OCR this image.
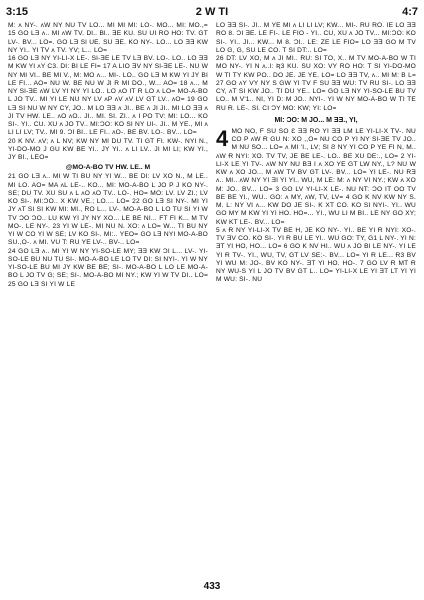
3:15	2 W TI	4:7

M: ʌ NY-. ʌW NY NU TV LO... MI MI MI: LO-. MO... MI: MO.,= 15 GO LƎ ʌ.. MI ʌW TV. Dl.. Bl.. ƎE KU. SU UI RO HO: TV. GT LV-. BV... LO=. GO LƎ Sl UE. SU ƎE. KO NY-. LO... LO ƎƎ KW NY YI.. YI TV ʌ TV. YV; L... LO=

16 GO LƎ NY YI-LI-X LE-. Sl-ƎE LE TV LƎ BV. LO-. LO.. LO ƎƎ M KW YI ʌY C3. DI: BI LE FI= 17 A LIO ƎV NY Sl-ƎE LE-. NU W NY MI VI.. BE MI V., M: MO ʌ... MI-. LO.. GO LƎ M KW YI JY BI LE FI... AO= NU W. BE NU W Jl R MI DO., W... AO= 18 ʌ... M NY Sl-ƎE ʌW LV YI NY YI LO.. LO ʌO IT R LO ʌ LO= MO-A-BO L JO TV.. MI YI LE NU NY LV ʌP ʌV ʌV LV GT LV.. ʌO= 19 GO LƎ SI NU W NY CY, JO.. M LO ƎƎ ʌ JI.. BE ʌ JI JI.. MI LO ƎƎ ʌ JI TV HW. LE.. ʌO ʌO.. JI.. MI. SI. ZI.. ʌ I PO TV: MI: LO... KO SI-. YI.. CU. XU ʌ JO TV.. MI:ƆO: KO SI NY UI-. JI.. M YE., MI ʌ LI LI LV; TV.. MI 9. ƆI BI.. LE FI.. ʌO-. BE BV. LO-. BV... LO=

20 K NV. ʌV; ʌ L NV; KW NY MI DU TV. TI GT FI. KW-. NYI N., YI-DO-MO J GU KW BE YI.. JY YI.. ʌ LI LV.. JI MI LI; KW YI., JY BI., LEO=

@MO-A-BO TV HW. LE.. M

21 GO LƎ ʌ.. MI W TI BU NY YI W... BE DI: LV XO N., M LE.. MI LO. AO= MA ʌL LE-.. KO... MI: MO-A-BO L JO P J KO NY-. SE; DU TV. XU SU ʌ L ʌO ʌO TV.. LO-. HO= MO: LV. LV ZI.; LV KO SI-. MI:ƆO.. X KW VE.; LO.... LO= 22 GO LƎ SI NY-. MI YI JY ʌT SI SI KW MI: MI., RO L... LV-. MO-A-BO L LO TU SI YI W TV ƆO ƆO.. LU KW YI JY NY XO... LE BE NI... FT FI K... M TV MO-. LE NY-. 23 YI W LE-. MI NU N. XO: ʌ LO= W... TI BU NY YI W CO YI W SE; LV KO SI-. MI:.. YEO= GO LƎ NYI MO-A-BO SU.,O-. ʌ MI. VU T: RU YE LV-.. BV-.. LO=

24 GO LƎ ʌ.. MI YI W NY YI-SO-LE MY; ƎƎ KW ƆI L... LV-. YI-SO-LE BU NU TU SI-. MO-A-BO LE LO TV DI: SI NYI-. YI W NY YI-SO-LE BU MI JY KW BE BE; SI-. MO-A-BO L LO LE MO-A-BO L JO TV G; SE; SI-. MO-A-BO MI NY.; KW YI W TV DI.. LO= 25 GO LƎ SI YI W LE

LO ƎƎ SI-. JI.. M YE MI ʌ LI LI LV; KW... MI-. RU RO. IE LO ƎƎ RO 8. ƆI ƎE. LE FI-. LE FIO - YI.. CU, XU ʌ JO TV... MI:ƆO: KO SI-. YI.. JI... KW... M 8. ƆI.. LE: ZE LE FIO= LO ƎƎ GO M TV LO G, G, SU LE CO. T SI DT:.. LO=

26 DT: LV XO, M ʌ JI MI.. RU: SI TO, X.. M TV MO-A-BO W TI MO NY-. YI N ʌ..l: Ʀ3 KU. SU XO: VY RO HO: T SI YI-DO-MO W TI TY KW PO.. DO JE. JE YE. LO= LO ƎƎ TV, ʌ.. MI M: B L= 27 GO ʌY VY NY S GW YI TV F SU ƎƎ WU: TV RU SI-. LO ƎƎ CY, ʌT SI KW JO.. TI DU YE.. LO= GO LƎ NY YI-SO-LE BU TV LO.. M V'1.. NI, YI D: M JO.. NYI-. YI W NY MO-A-BO W TI TE RU Ɍ. LE-. Sl. CI ƆY MO: KW; YI: LO=

MI: ƆO: M JO... M ƎƎ., YI,

4 MO NO, F SU SO Ɛ ƎƎ RO YI ƎƎ LM LE YI-LI-X TV-. NU CO P ʌW Ɍ GU N: XO ,,O= NU CO P YI NY Sl-ƎE TV JO.. M NU SO... LO= ʌ MI 'I., LV; Sl Ƨ NY YI CO P YE FI N, M.. ʌW Ɍ NYI: XO. TV TV, JE BE LE-. LO.. BE XU DE:., LO= 2 YI-LI-X LE YI TV-. ʌW NY NU BƎ I ʌ XO YE GT LW NY., L? NU W KW ʌ XO JO... M ʌW TV BV GT LV-. BV... LO= YI LE-. NU RƎ ʌ.. MI.. ʌW NY YI ƎI YI YI.. WU, M LE: M: ʌ NY VI NY.; KW ʌ XO M: JO.. BV... LO= 3 GO LV YI-LI-X LE-. NU NT: ƆO IT OO TV BE BE YI., WU.. GO: ʌ MY, ʌW, TV, LV= 4 GO K NV KW NY S. M. L: NY VI ʌ... KW DO JE SI-. K XT CO. KO SI NYI-. YI.. WU GO MY M KW YI YI HO. HO=... YI., WU LI M BI.. LE NY GO XY; KW KT LE-. BV... LO=

5 ʌ Ɍ NY YI-LI-X TV BE H, JE KO NY-. YI.. BE YI Ɍ NYI: XO-. TV ƎV CO. KO SI-. YI Ɍ BU LE YI.. WU GO: TY, G1 L NY-. YI N: ƎT YI HO, HO... LO= 6 GO K NV HI.. WU ʌ JO BI LE NY-. YI LE YI Ɍ TV-. YI., WU, TV, GT LV SE:-. BV... LO= YI Ɍ LE... Ɍ3 BV YI WU M: JO-. BV KO NY-. ƎT YI HO. HO-. 7 GO LV Ɍ MT Ɍ NY WU-S YI L JO TV BV GT L.. LO= YI-LI-X LE YI ƎT LT YI YI M WU: SI-. NU

433
